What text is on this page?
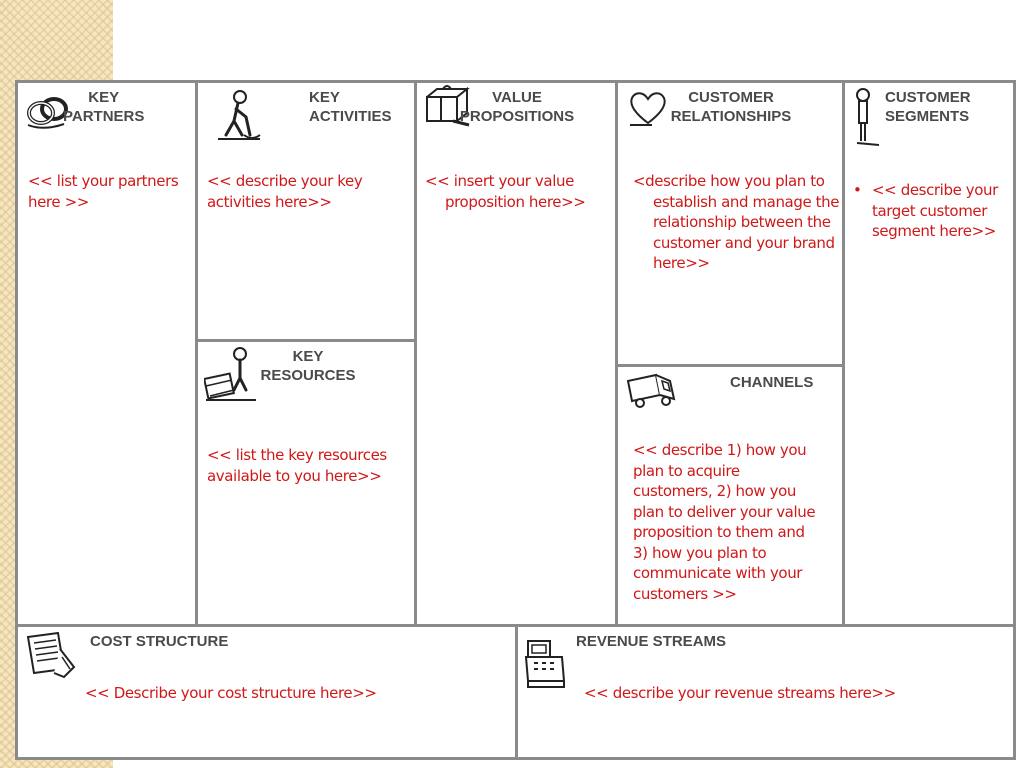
KEY
PARTNERS
<< list your partners here >>
KEY
ACTIVITIES
<< describe your key activities here>>
KEY
RESOURCES
<< list the key resources available to you here>>
VALUE
PROPOSITIONS
<< insert your value proposition here>>
CUSTOMER
RELATIONSHIPS
<describe how you plan to establish and manage the relationship between the customer and your brand here>>
CHANNELS
<< describe 1) how you plan to acquire customers, 2) how you plan to deliver your value proposition to them and 3) how you plan to communicate with your customers >>
CUSTOMER
SEGMENTS
• << describe your target customer segment here>>
COST STRUCTURE
<< Describe your cost structure here>>
REVENUE STREAMS
<< describe your revenue streams here>>
